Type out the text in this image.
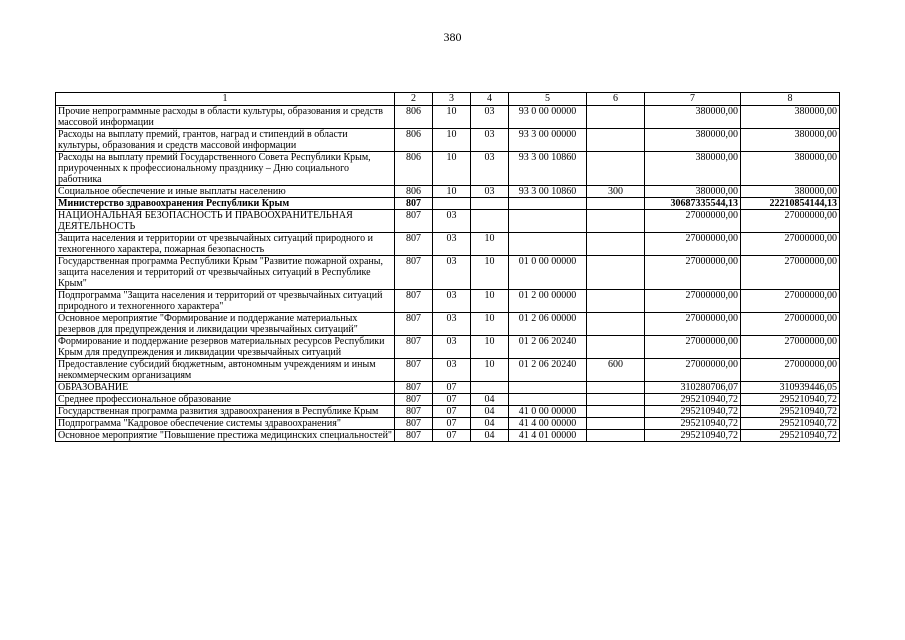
380
1	2	3	4	5	6	7	8
Прочие непрограммные расходы в области культуры, образования и средств массовой информации	806	10	03	93 0 00 00000		380000,00	380000,00
Расходы на выплату премий, грантов, наград и стипендий в области культуры, образования и средств массовой информации	806	10	03	93 3 00 00000		380000,00	380000,00
Расходы на выплату премий Государственного Совета Республики Крым, приуроченных к профессиональному празднику – Дню социального работника	806	10	03	93 3 00 10860		380000,00	380000,00
Социальное обеспечение и иные выплаты населению	806	10	03	93 3 00 10860	300	380000,00	380000,00
Министерство здравоохранения Республики Крым	807					30687335544,13	22210854144,13
НАЦИОНАЛЬНАЯ БЕЗОПАСНОСТЬ И ПРАВООХРАНИТЕЛЬНАЯ ДЕЯТЕЛЬНОСТЬ	807	03				27000000,00	27000000,00
Защита населения и территории от чрезвычайных ситуаций природного и техногенного характера, пожарная безопасность	807	03	10			27000000,00	27000000,00
Государственная программа Республики Крым "Развитие пожарной охраны, защита населения и территорий от чрезвычайных ситуаций в Республике Крым"	807	03	10	01 0 00 00000		27000000,00	27000000,00
Подпрограмма "Защита населения и территорий от чрезвычайных ситуаций природного и техногенного характера"	807	03	10	01 2 00 00000		27000000,00	27000000,00
Основное мероприятие "Формирование и поддержание материальных резервов для предупреждения и ликвидации чрезвычайных ситуаций"	807	03	10	01 2 06 00000		27000000,00	27000000,00
Формирование и поддержание резервов материальных ресурсов Республики Крым для предупреждения и ликвидации чрезвычайных ситуаций	807	03	10	01 2 06 20240		27000000,00	27000000,00
Предоставление субсидий бюджетным, автономным учреждениям и иным некоммерческим организациям	807	03	10	01 2 06 20240	600	27000000,00	27000000,00
ОБРАЗОВАНИЕ	807	07				310280706,07	310939446,05
Среднее профессиональное образование	807	07	04			295210940,72	295210940,72
Государственная программа развития здравоохранения в Республике Крым	807	07	04	41 0 00 00000		295210940,72	295210940,72
Подпрограмма "Кадровое обеспечение системы здравоохранения"	807	07	04	41 4 00 00000		295210940,72	295210940,72
Основное мероприятие "Повышение престижа медицинских специальностей"	807	07	04	41 4 01 00000		295210940,72	295210940,72
